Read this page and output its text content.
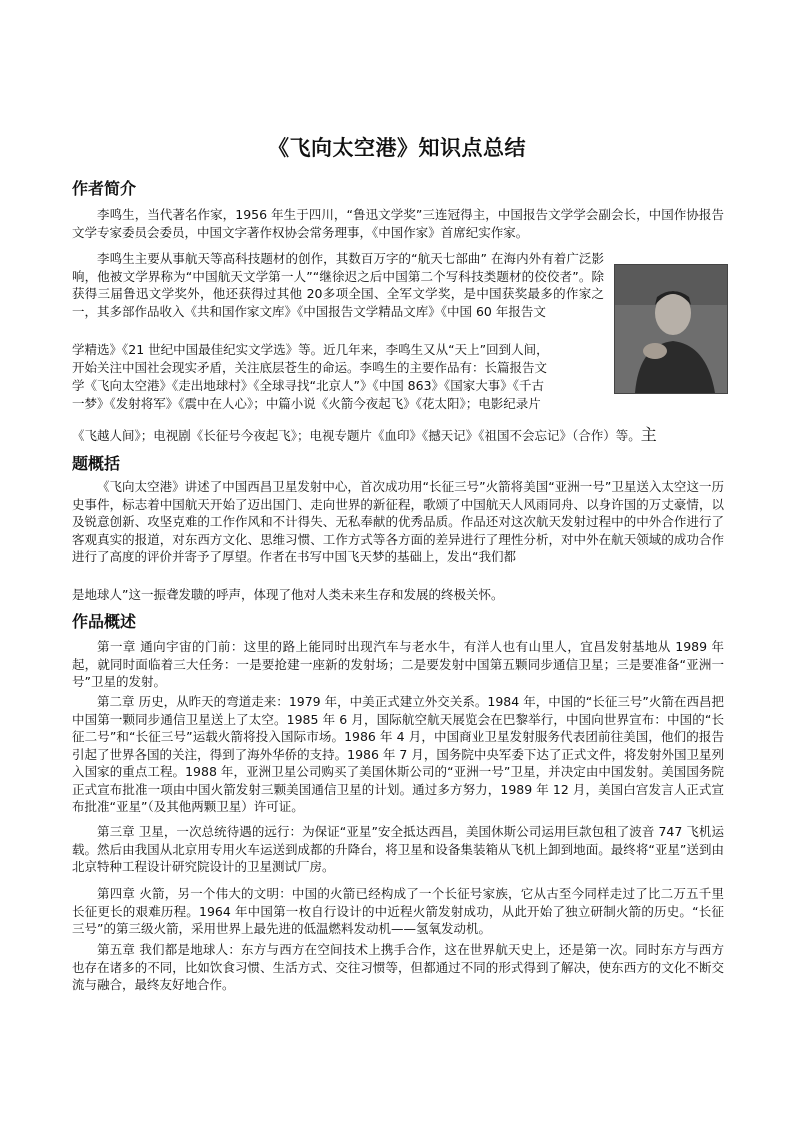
《飞向太空港》知识点总结
作者简介

李鸣生，当代著名作家，1956 年生于四川，“鲁迅文学奖”三连冠得主，中国报告文学学会副会长，中国作协报告文学专家委员会委员，中国文字著作权协会常务理事，《中国作家》首席纪实作家。

李鸣生主要从事航天等高科技题材的创作，其数百万字的“航天七部曲” 在海内外有着广泛影响，他被文学界称为“中国航天文学第一人”“继徐迟之后中国第二个写科技类题材的佼佼者”。除获得三届鲁迅文学奖外，他还获得过其他 20多项全国、全军文学奖，是中国获奖最多的作家之一，其多部作品收入《共和国作家文库》《中国报告文学精品文库》《中国 60 年报告文

学精选》《21 世纪中国最佳纪实文学选》等。近几年来，李鸣生又从“天上”回到人间，

开始关注中国社会现实矛盾，关注底层苍生的命运。李鸣生的主要作品有：长篇报告文

学《飞向太空港》《走出地球村》《全球寻找“北京人”》《中国 863》《国家大事》《千古

一梦》《发射将军》《震中在人心》；中篇小说《火箭今夜起飞》《花太阳》；电影纪录片

《飞越人间》；电视剧《长征号今夜起飞》；电视专题片《血印》《撼天记》《祖国不会忘记》（合作）等。主

题概括

《飞向太空港》讲述了中国西昌卫星发射中心，首次成功用“长征三号”火箭将美国“亚洲一号”卫星送入太空这一历史事件，标志着中国航天开始了迈出国门、走向世界的新征程，歌颂了中国航天人风雨同舟、以身许国的万丈豪情，以及锐意创新、攻坚克难的工作作风和不计得失、无私奉献的优秀品质。作品还对这次航天发射过程中的中外合作进行了客观真实的报道，对东西方文化、思维习惯、工作方式等各方面的差异进行了理性分析，对中外在航天领域的成功合作进行了高度的评价并寄予了厚望。作者在书写中国飞天梦的基础上，发出“我们都

是地球人”这一振聋发聩的呼声，体现了他对人类未来生存和发展的终极关怀。

作品概述

第一章 通向宇宙的门前：这里的路上能同时出现汽车与老水牛，有洋人也有山里人，宜昌发射基地从 1989 年起，就同时面临着三大任务：一是要抢建一座新的发射场；二是要发射中国第五颗同步通信卫星；三是要准备“亚洲一号”卫星的发射。

第二章 历史，从昨天的弯道走来：1979 年，中美正式建立外交关系。1984 年，中国的“长征三号”火箭在西昌把中国第一颗同步通信卫星送上了太空。1985 年 6 月，国际航空航天展览会在巴黎举行，中国向世界宣布：中国的“长征二号”和“长征三号”运载火箭将投入国际市场。1986 年 4 月，中国商业卫星发射服务代表团前往美国，他们的报告引起了世界各国的关注，得到了海外华侨的支持。1986 年 7 月，国务院中央军委下达了正式文件，将发射外国卫星列入国家的重点工程。1988 年，亚洲卫星公司购买了美国休斯公司的“亚洲一号”卫星，并决定由中国发射。美国国务院正式宣布批准一项由中国火箭发射三颗美国通信卫星的计划。通过多方努力，1989 年 12 月，美国白宫发言人正式宣布批准“亚星”（及其他两颗卫星）许可证。

第三章 卫星，一次总统待遇的远行：为保证“亚星”安全抵达西昌，美国休斯公司运用巨款包租了波音 747 飞机运载。然后由我国从北京用专用火车运送到成都的升降台，将卫星和设备集装箱从飞机上卸到地面。最终将“亚星”送到由北京特种工程设计研究院设计的卫星测试厂房。

第四章 火箭，另一个伟大的文明：中国的火箭已经构成了一个长征号家族，它从古至今同样走过了比二万五千里长征更长的艰难历程。1964 年中国第一枚自行设计的中近程火箭发射成功，从此开始了独立研制火箭的历史。“长征三号”的第三级火箭，采用世界上最先进的低温燃料发动机——氢氧发动机。

第五章 我们都是地球人：东方与西方在空间技术上携手合作，这在世界航天史上，还是第一次。同时东方与西方也存在诸多的不同，比如饮食习惯、生活方式、交往习惯等，但都通过不同的形式得到了解决，使东西方的文化不断交流与融合，最终友好地合作。
